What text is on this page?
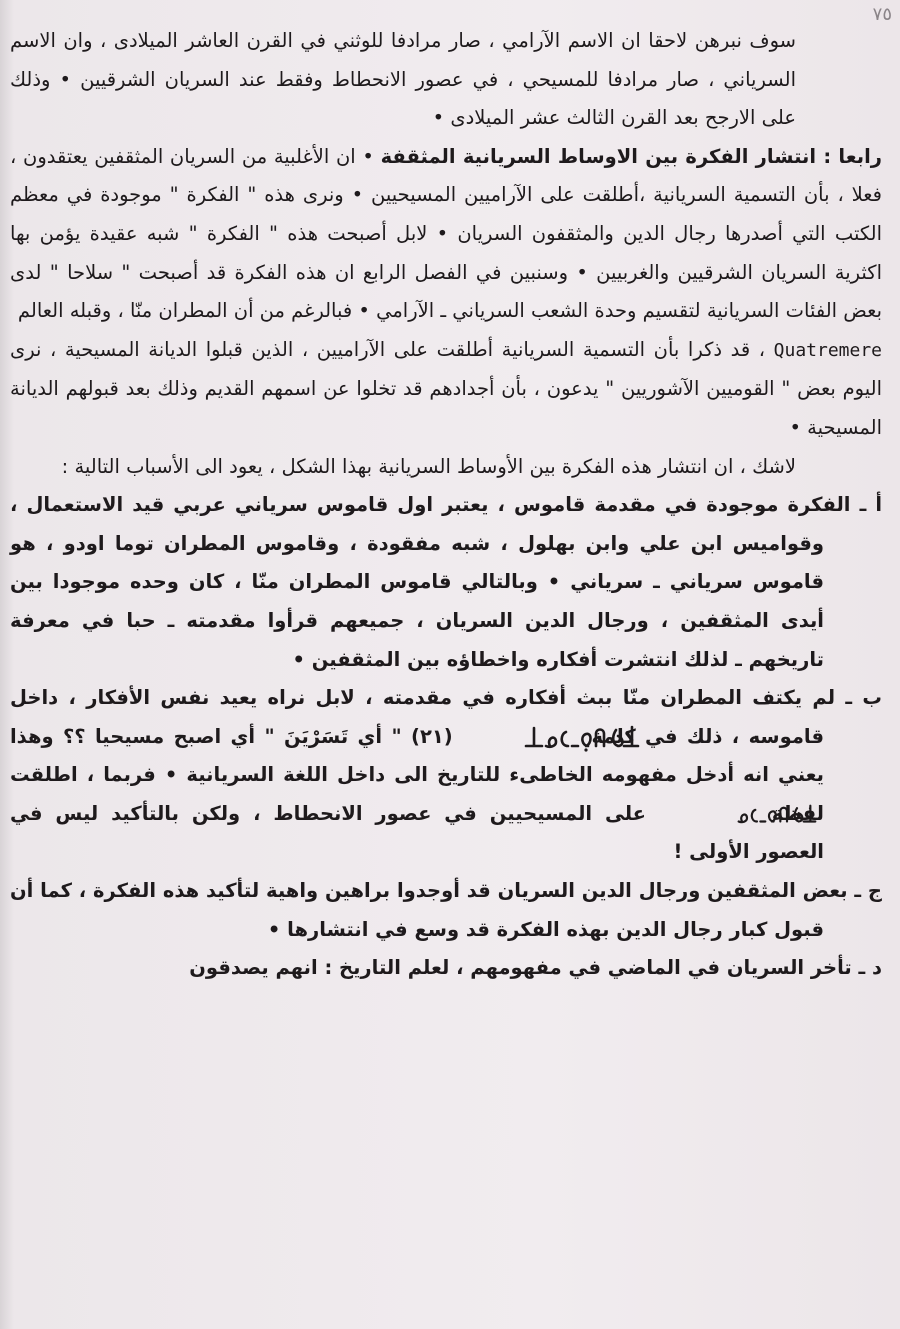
٧٥

سوف نبرهن لاحقا ان الاسم الآرامي ، صار مرادفا للوثني في القرن العاشر الميلادى ، وان الاسم السرياني ، صار مرادفا للمسيحي ، في عصور الانحطاط وفقط عند السريان الشرقيين • وذلك على الارجح بعد القرن الثالث عشر الميلادى •

رابعا : انتشار الفكرة بين الاوساط السريانية المثقفة • ان الأغلبية من السريان المثقفين يعتقدون ، فعلا ، بأن التسمية السريانية ،أطلقت على الآراميين المسيحيين • ونرى هذه " الفكرة " موجودة في معظم الكتب التي أصدرها رجال الدين والمثقفون السريان • لابل أصبحت هذه " الفكرة " شبه عقيدة يؤمن بها اكثرية السريان الشرقيين والغربيين • وسنبين في الفصل الرابع ان هذه الفكرة قد أصبحت " سلاحا " لدى بعض الفئات السريانية لتقسيم وحدة الشعب السرياني ـ الآرامي • فبالرغم من أن المطران منّا ، وقبله العالم

Quatremere ، قد ذكرا بأن التسمية السريانية أطلقت على الآراميين ، الذين قبلوا الديانة المسيحية ، نرى اليوم بعض " القوميين الآشوريين " يدعون ، بأن أجدادهم قد تخلوا عن اسمهم القديم وذلك بعد قبولهم الديانة المسيحية •

لاشك ، ان انتشار هذه الفكرة بين الأوساط السريانية بهذا الشكل ، يعود الى الأسباب التالية :

أ ـ الفكرة موجودة في مقدمة قاموس ، يعتبر اول قاموس سرياني عربي قيد الاستعمال ، وقواميس ابن علي وابن بهلول ، شبه مفقودة ، وقاموس المطران توما اودو ، هو قاموس سرياني ـ سرياني • وبالتالي قاموس المطران منّا ، كان وحده موجودا بين أيدى المثقفين ، ورجال الدين السريان ، جميعهم قرأوا مقدمته ـ حبا في معرفة تاريخهم ـ لذلك انتشرت أفكاره واخطاؤه بين المثقفين •

ب ـ لم يكتف المطران منّا ببث أفكاره في مقدمته ، لابل نراه يعيد نفس الأفكار ، داخل قاموسه ، ذلك في كلمة  (٢١) " أي تَسَرْيَنَ " أي اصبح مسيحيا ؟؟ وهذا يعني انه أدخل مفهومه الخاطىء للتاريخ الى داخل اللغة السريانية • فربما ، اطلقت لفظة  على المسيحيين في عصور الانحطاط ، ولكن بالتأكيد ليس في العصور الأولى !

ج ـ بعض المثقفين ورجال الدين السريان قد أوجدوا براهين واهية لتأكيد هذه الفكرة ، كما أن قبول كبار رجال الدين بهذه الفكرة قد وسع في انتشارها •

د ـ تأخر السريان في الماضي في مفهومهم ، لعلم التاريخ : انهم يصدقون
